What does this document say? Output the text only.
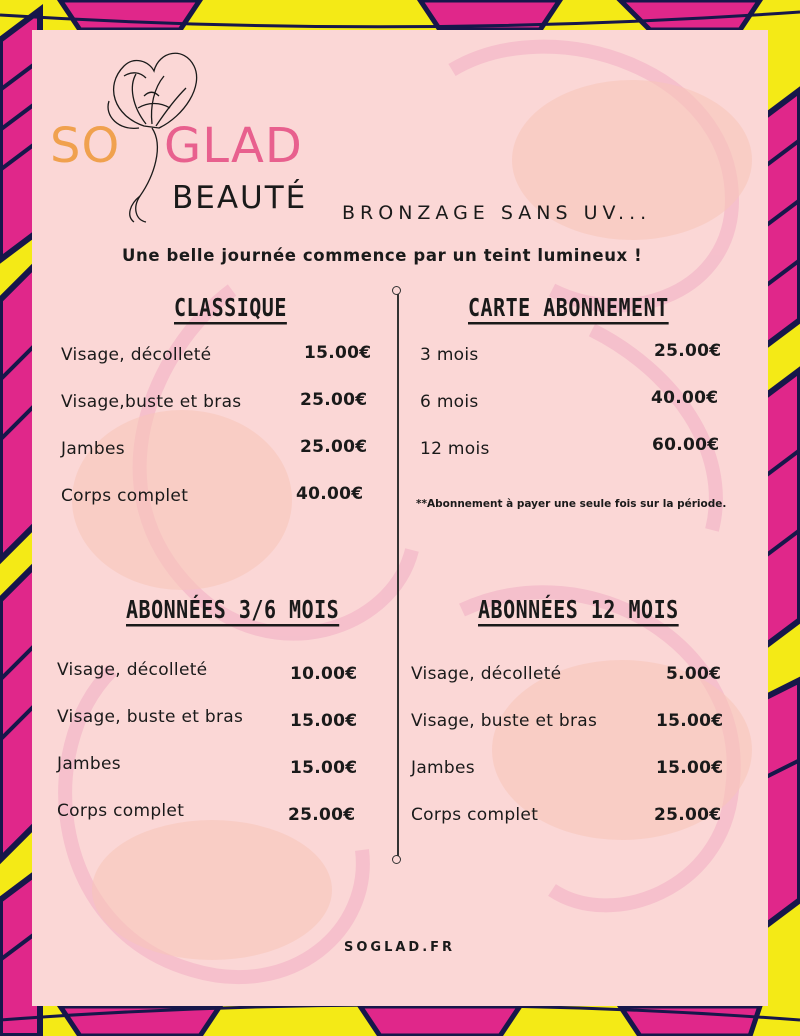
SO GLAD
BEAUTÉ BRONZAGE SANS UV...
Une belle journée commence par un teint lumineux !
CLASSIQUE
Visage, décolleté	15.00€
Visage,buste et bras	25.00€
Jambes	25.00€
Corps complet	40.00€
CARTE ABONNEMENT
3 mois	25.00€
6 mois	40.00€
12 mois	60.00€
**Abonnement à payer une seule fois sur la période.
ABONNÉES 3/6 MOIS
Visage, décolleté	10.00€
Visage, buste et bras	15.00€
Jambes	15.00€
Corps complet	25.00€
ABONNÉES 12 MOIS
Visage, décolleté	5.00€
Visage, buste et bras	15.00€
Jambes	15.00€
Corps complet	25.00€
SOGLAD.FR
